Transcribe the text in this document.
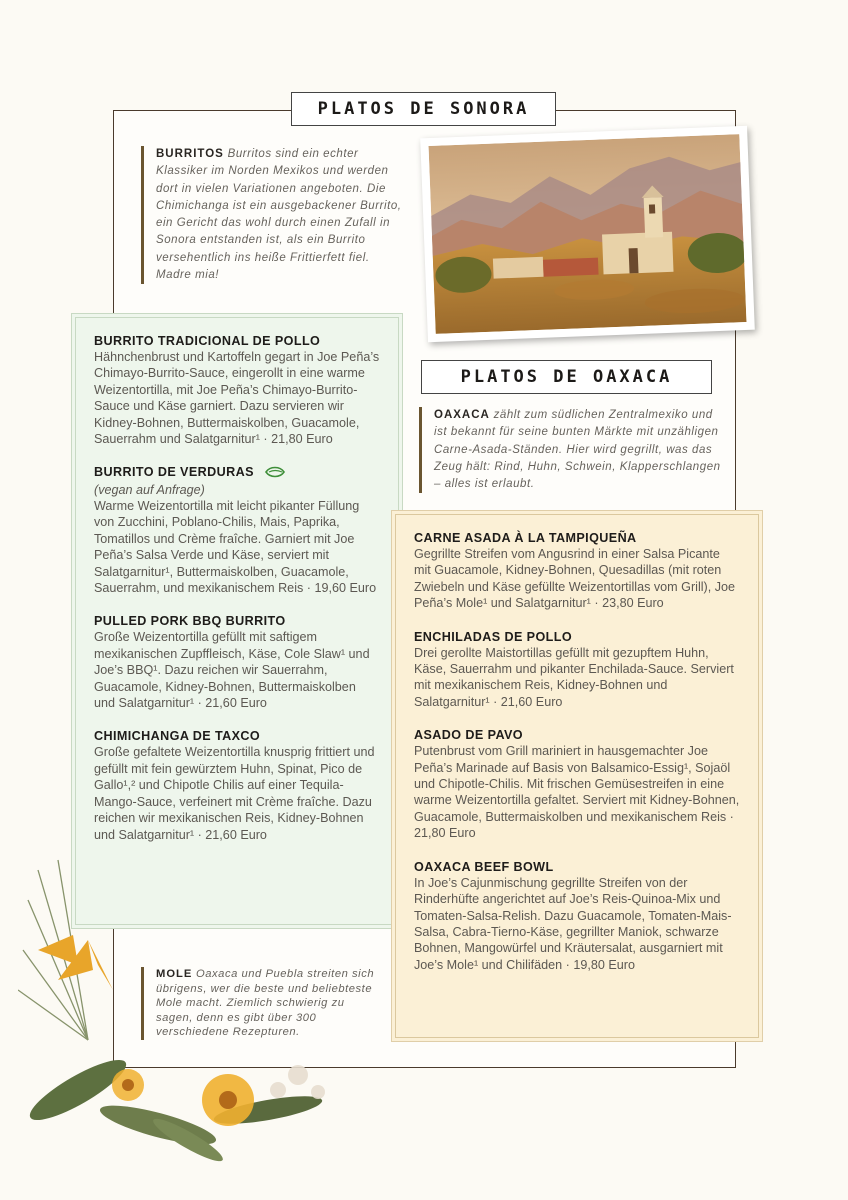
PLATOS DE SONORA
BURRITOS Burritos sind ein echter Klassiker im Norden Mexikos und werden dort in vielen Variationen angeboten. Die Chimichanga ist ein ausgebackener Burrito, ein Gericht das wohl durch einen Zufall in Sonora entstanden ist, als ein Burrito versehentlich ins heiße Frittierfett fiel. Madre mia!
BURRITO TRADICIONAL DE POLLO
Hähnchenbrust und Kartoffeln gegart in Joe Peña’s Chimayo-Burrito-Sauce, eingerollt in eine warme Weizentortilla, mit Joe Peña’s Chimayo-Burrito-Sauce und Käse garniert. Dazu servieren wir Kidney-Bohnen, Buttermaiskolben, Guacamole, Sauerrahm und Salatgarnitur¹ · 21,80 Euro
BURRITO DE VERDURAS
(vegan auf Anfrage)
Warme Weizentortilla mit leicht pikanter Füllung von Zucchini, Poblano-Chilis, Mais, Paprika, Tomatillos und Crème fraîche. Garniert mit Joe Peña’s Salsa Verde und Käse, serviert mit Salatgarnitur¹, Buttermaiskolben, Guacamole, Sauerrahm, und mexikanischem Reis · 19,60 Euro
PULLED PORK BBQ BURRITO
Große Weizentortilla gefüllt mit saftigem mexikanischen Zupffleisch, Käse, Cole Slaw¹ und Joe’s BBQ¹. Dazu reichen wir Sauerrahm, Guacamole, Kidney-Bohnen, Buttermaiskolben und Salatgarnitur¹ · 21,60 Euro
CHIMICHANGA DE TAXCO
Große gefaltete Weizentortilla knusprig frittiert und gefüllt mit fein gewürztem Huhn, Spinat, Pico de Gallo¹,² und Chipotle Chilis auf einer Tequila-Mango-Sauce, verfeinert mit Crème fraîche. Dazu reichen wir mexikanischen Reis, Kidney-Bohnen und Salatgarnitur¹ · 21,60 Euro
PLATOS DE OAXACA
OAXACA zählt zum südlichen Zentralmexiko und ist bekannt für seine bunten Märkte mit unzähligen Carne-Asada-Ständen. Hier wird gegrillt, was das Zeug hält: Rind, Huhn, Schwein, Klapperschlangen – alles ist erlaubt.
CARNE ASADA À LA TAMPIQUEÑA
Gegrillte Streifen vom Angusrind in einer Salsa Picante mit Guacamole, Kidney-Bohnen, Quesadillas (mit roten Zwiebeln und Käse gefüllte Weizentortillas vom Grill), Joe Peña’s Mole¹ und Salatgarnitur¹ · 23,80 Euro
ENCHILADAS DE POLLO
Drei gerollte Maistortillas gefüllt mit gezupftem Huhn, Käse, Sauerrahm und pikanter Enchilada-Sauce. Serviert mit mexikanischem Reis, Kidney-Bohnen und Salatgarnitur¹ · 21,60 Euro
ASADO DE PAVO
Putenbrust vom Grill mariniert in hausgemachter Joe Peña’s Marinade auf Basis von Balsamico-Essig¹, Sojaöl und Chipotle-Chilis. Mit frischen Gemüsestreifen in eine warme Weizentortilla gefaltet. Serviert mit Kidney-Bohnen, Guacamole, Buttermaiskolben und mexikanischem Reis · 21,80 Euro
OAXACA BEEF BOWL
In Joe’s Cajunmischung gegrillte Streifen von der Rinderhüfte angerichtet auf Joe’s Reis-Quinoa-Mix und Tomaten-Salsa-Relish. Dazu Guacamole, Tomaten-Mais-Salsa, Cabra-Tierno-Käse, gegrillter Maniok, schwarze Bohnen, Mangowürfel und Kräutersalat, ausgarniert mit Joe’s Mole¹ und Chilifäden · 19,80 Euro
MOLE Oaxaca und Puebla streiten sich übrigens, wer die beste und beliebteste Mole macht. Ziemlich schwierig zu sagen, denn es gibt über 300 verschiedene Rezepturen.
